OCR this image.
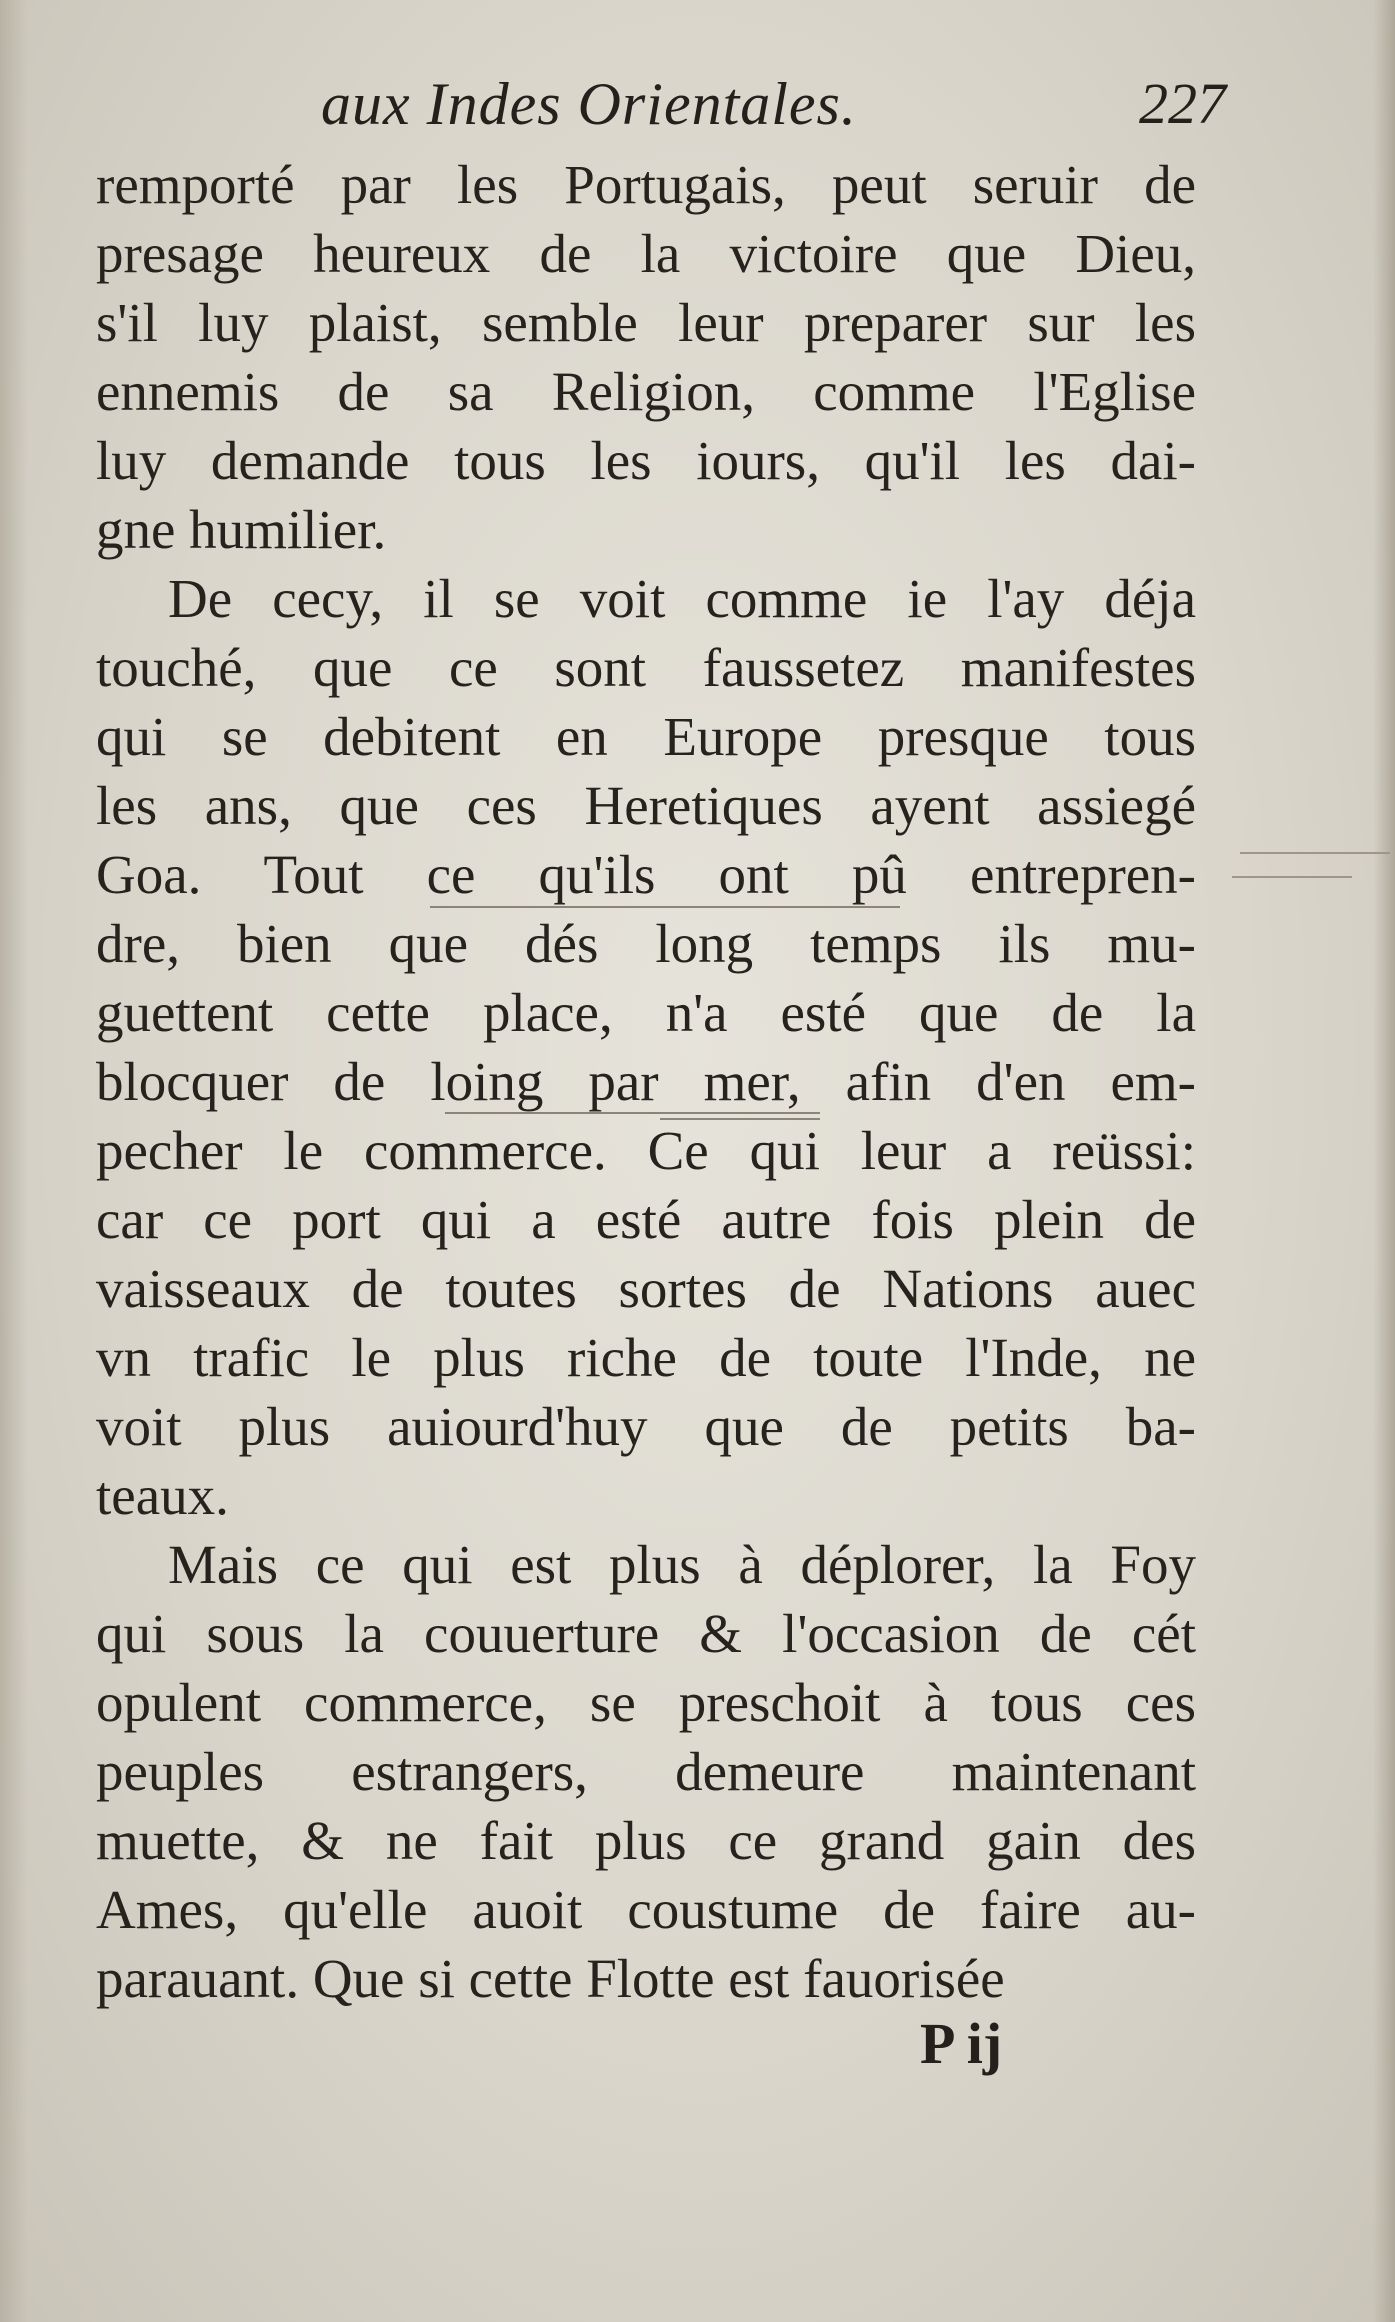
aux Indes Orientales.	227
remporté par les Portugais, peut seruir de
presage heureux de la victoire que Dieu,
s'il luy plaist, semble leur preparer sur les
ennemis de sa Religion, comme l'Eglise
luy demande tous les iours, qu'il les dai-
gne humilier.
De cecy, il se voit comme ie l'ay déja
touché, que ce sont faussetez manifestes
qui se debitent en Europe presque tous
les ans, que ces Heretiques ayent assiegé
Goa. Tout ce qu'ils ont pû entrepren-
dre, bien que dés long temps ils mu-
guettent cette place, n'a esté que de la
blocquer de loing par mer, afin d'en em-
pecher le commerce. Ce qui leur a reüssi:
car ce port qui a esté autre fois plein de
vaisseaux de toutes sortes de Nations auec
vn trafic le plus riche de toute l'Inde, ne
voit plus auiourd'huy que de petits ba-
teaux.
Mais ce qui est plus à déplorer, la Foy
qui sous la couuerture & l'occasion de cét
opulent commerce, se preschoit à tous ces
peuples estrangers, demeure maintenant
muette, & ne fait plus ce grand gain des
Ames, qu'elle auoit coustume de faire au-
parauant. Que si cette Flotte est fauorisée
P ij
